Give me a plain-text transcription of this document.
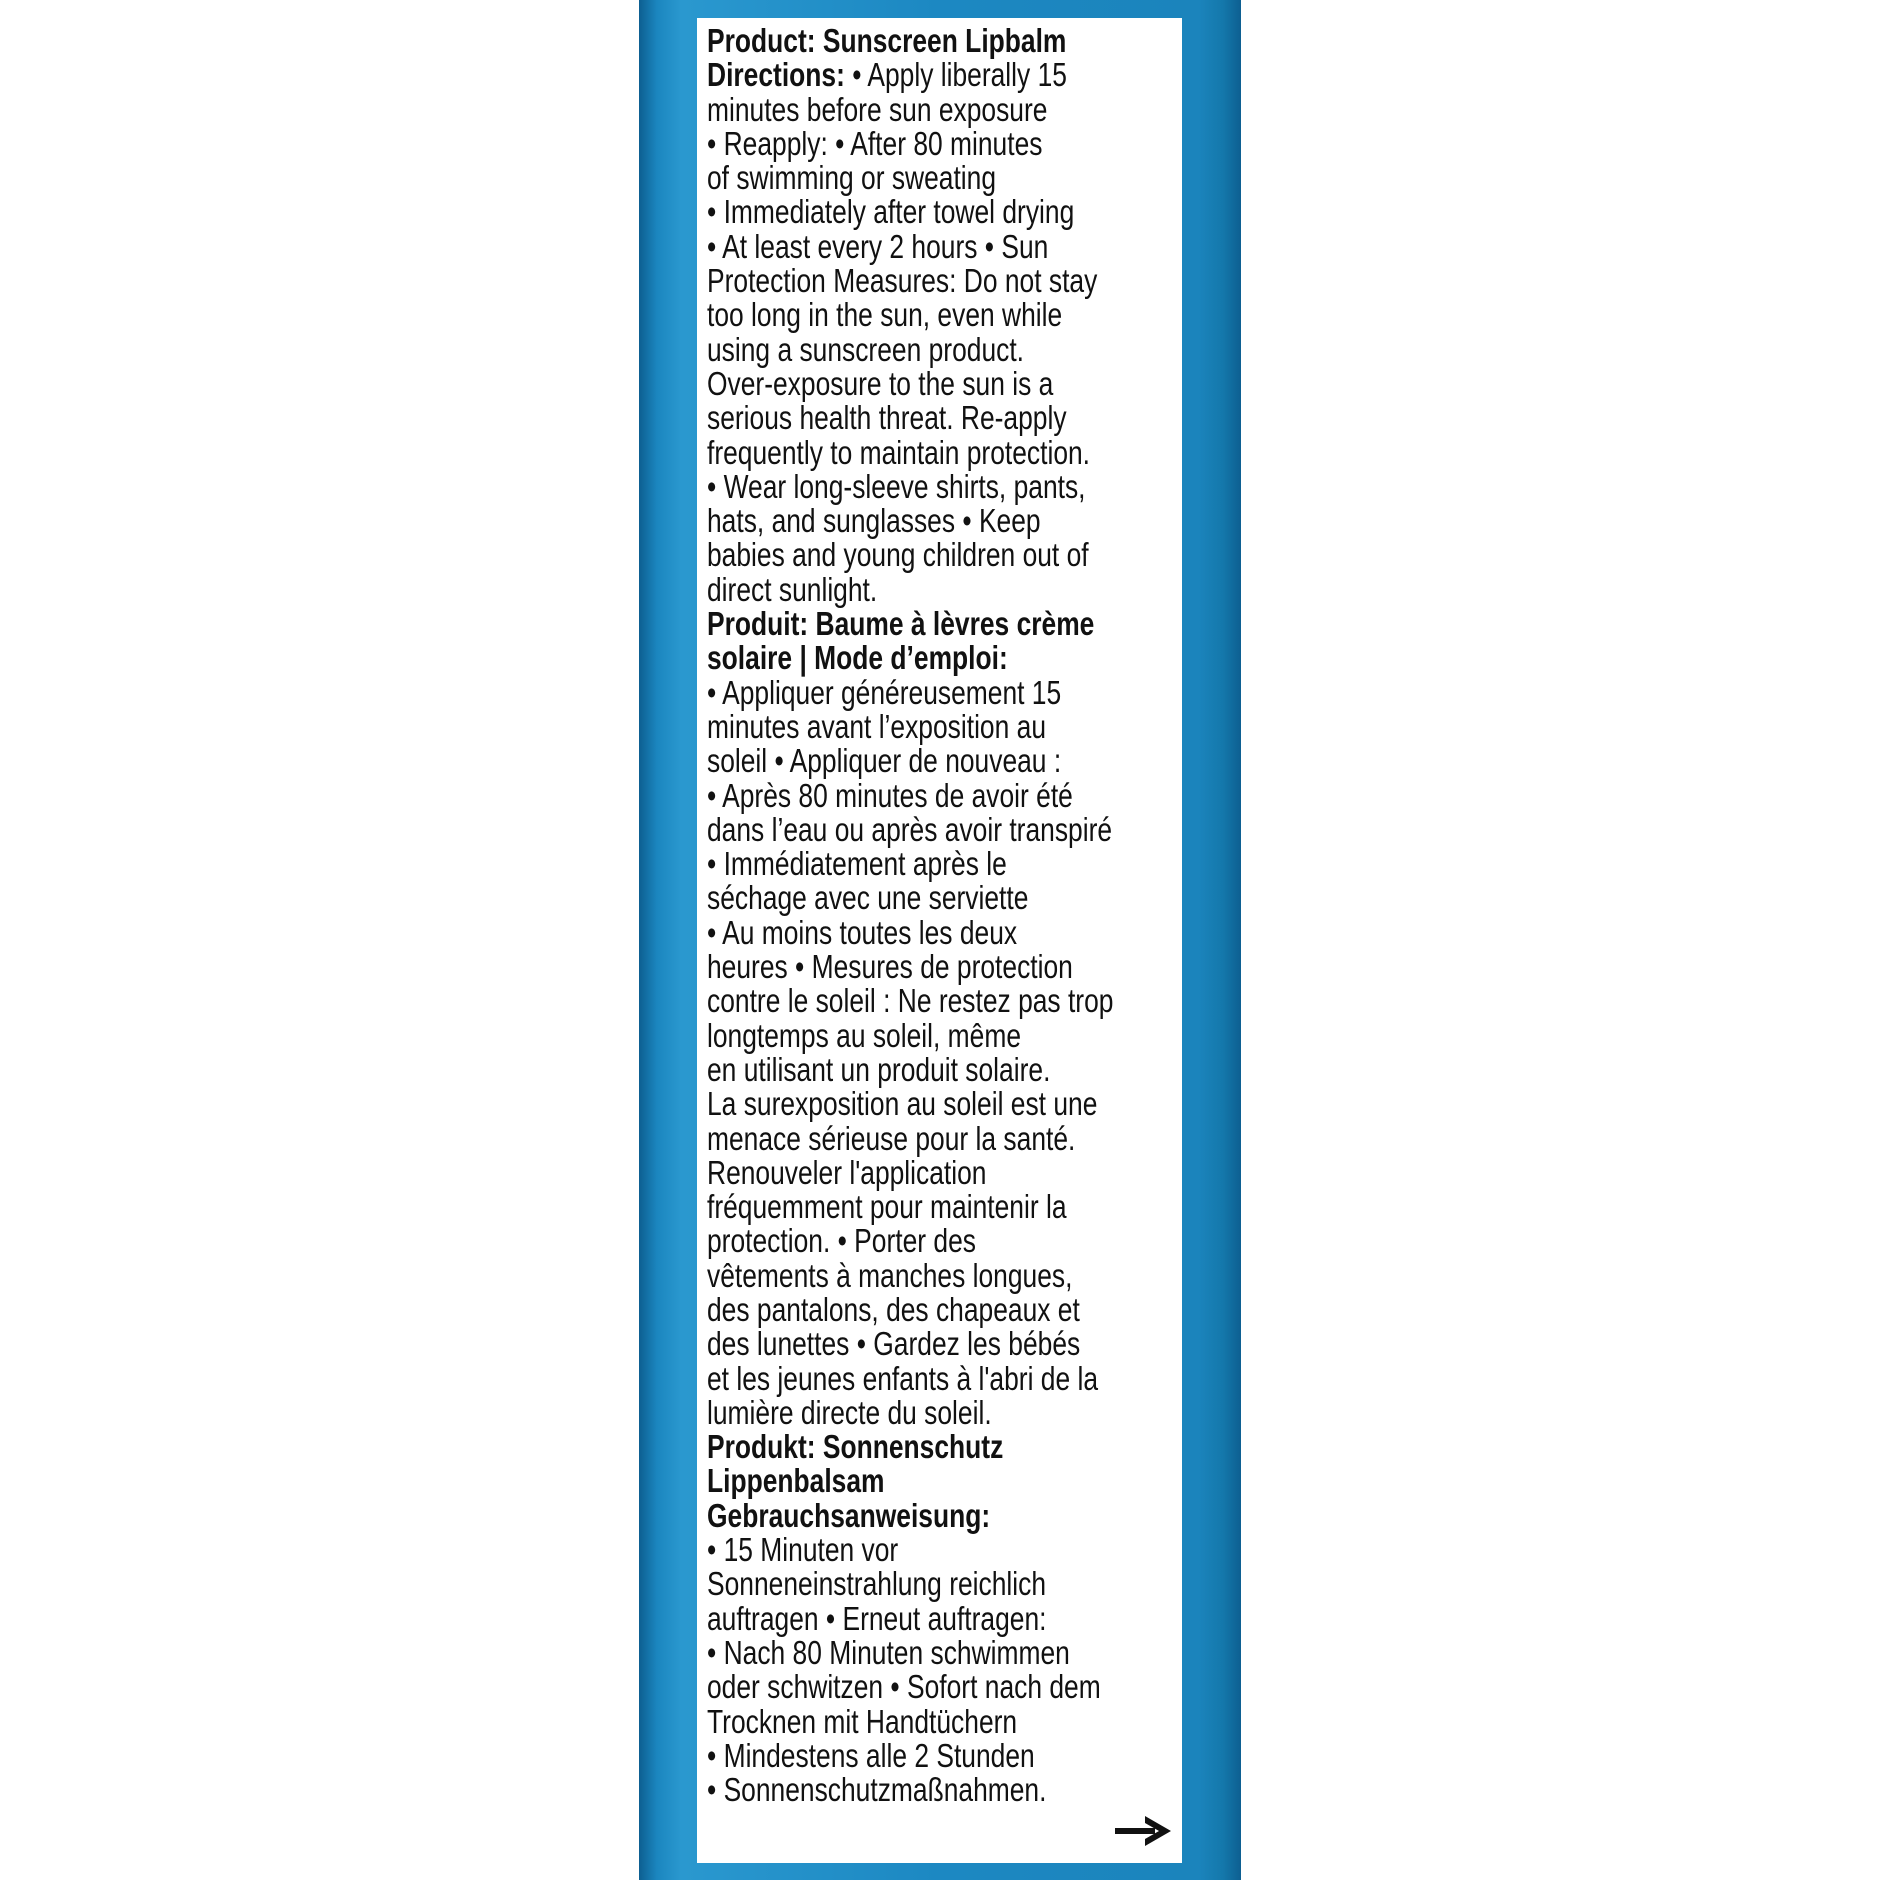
Product: Sunscreen Lipbalm

Directions: • Apply liberally 15

minutes before sun exposure

• Reapply: • After 80 minutes

of swimming or sweating

• Immediately after towel drying

• At least every 2 hours • Sun

Protection Measures: Do not stay

too long in the sun, even while

using a sunscreen product.

Over-exposure to the sun is a

serious health threat. Re-apply

frequently to maintain protection.

• Wear long-sleeve shirts, pants,

hats, and sunglasses • Keep

babies and young children out of

direct sunlight.

Produit: Baume à lèvres crème

solaire | Mode d’emploi:

• Appliquer généreusement 15

minutes avant l’exposition au

soleil • Appliquer de nouveau :

• Après 80 minutes de avoir été

dans l’eau ou après avoir transpiré

• Immédiatement après le

séchage avec une serviette

• Au moins toutes les deux

heures • Mesures de protection

contre le soleil : Ne restez pas trop

longtemps au soleil, même

en utilisant un produit solaire.

La surexposition au soleil est une

menace sérieuse pour la santé.

Renouveler l'application

fréquemment pour maintenir la

protection. • Porter des

vêtements à manches longues,

des pantalons, des chapeaux et

des lunettes • Gardez les bébés

et les jeunes enfants à l'abri de la

lumière directe du soleil.

Produkt: Sonnenschutz

Lippenbalsam

Gebrauchsanweisung:

• 15 Minuten vor

Sonneneinstrahlung reichlich

auftragen • Erneut auftragen:

• Nach 80 Minuten schwimmen

oder schwitzen • Sofort nach dem

Trocknen mit Handtüchern

• Mindestens alle 2 Stunden

• Sonnenschutzmaßnahmen.
